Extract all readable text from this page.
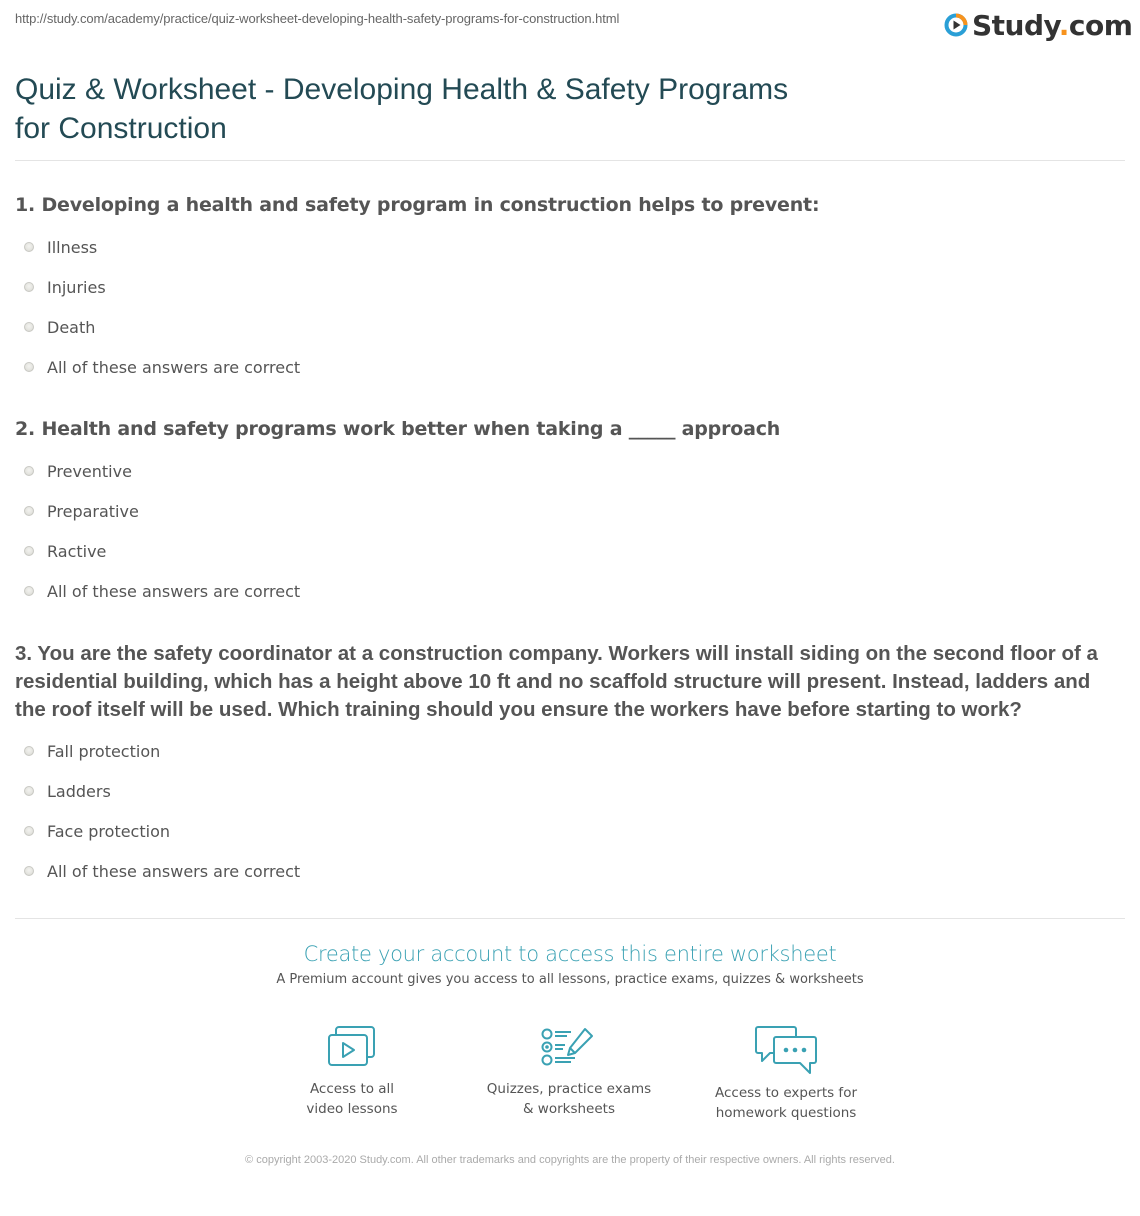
http://study.com/academy/practice/quiz-worksheet-developing-health-safety-programs-for-construction.html	Study.com
Quiz & Worksheet - Developing Health & Safety Programs
for Construction

1. Developing a health and safety program in construction helps to prevent:

Illness
Injuries
Death
All of these answers are correct

2. Health and safety programs work better when taking a _____ approach

Preventive
Preparative
Ractive
All of these answers are correct

3. You are the safety coordinator at a construction company. Workers will install siding on the second floor of a residential building, which has a height above 10 ft and no scaffold structure will present. Instead, ladders and the roof itself will be used. Which training should you ensure the workers have before starting to work?

Fall protection
Ladders
Face protection
All of these answers are correct
Create your account to access this entire worksheet
A Premium account gives you access to all lessons, practice exams, quizzes & worksheets
Access to all
video lessons
Quizzes, practice exams
& worksheets
Access to experts for
homework questions
© copyright 2003-2020 Study.com. All other trademarks and copyrights are the property of their respective owners. All rights reserved.
